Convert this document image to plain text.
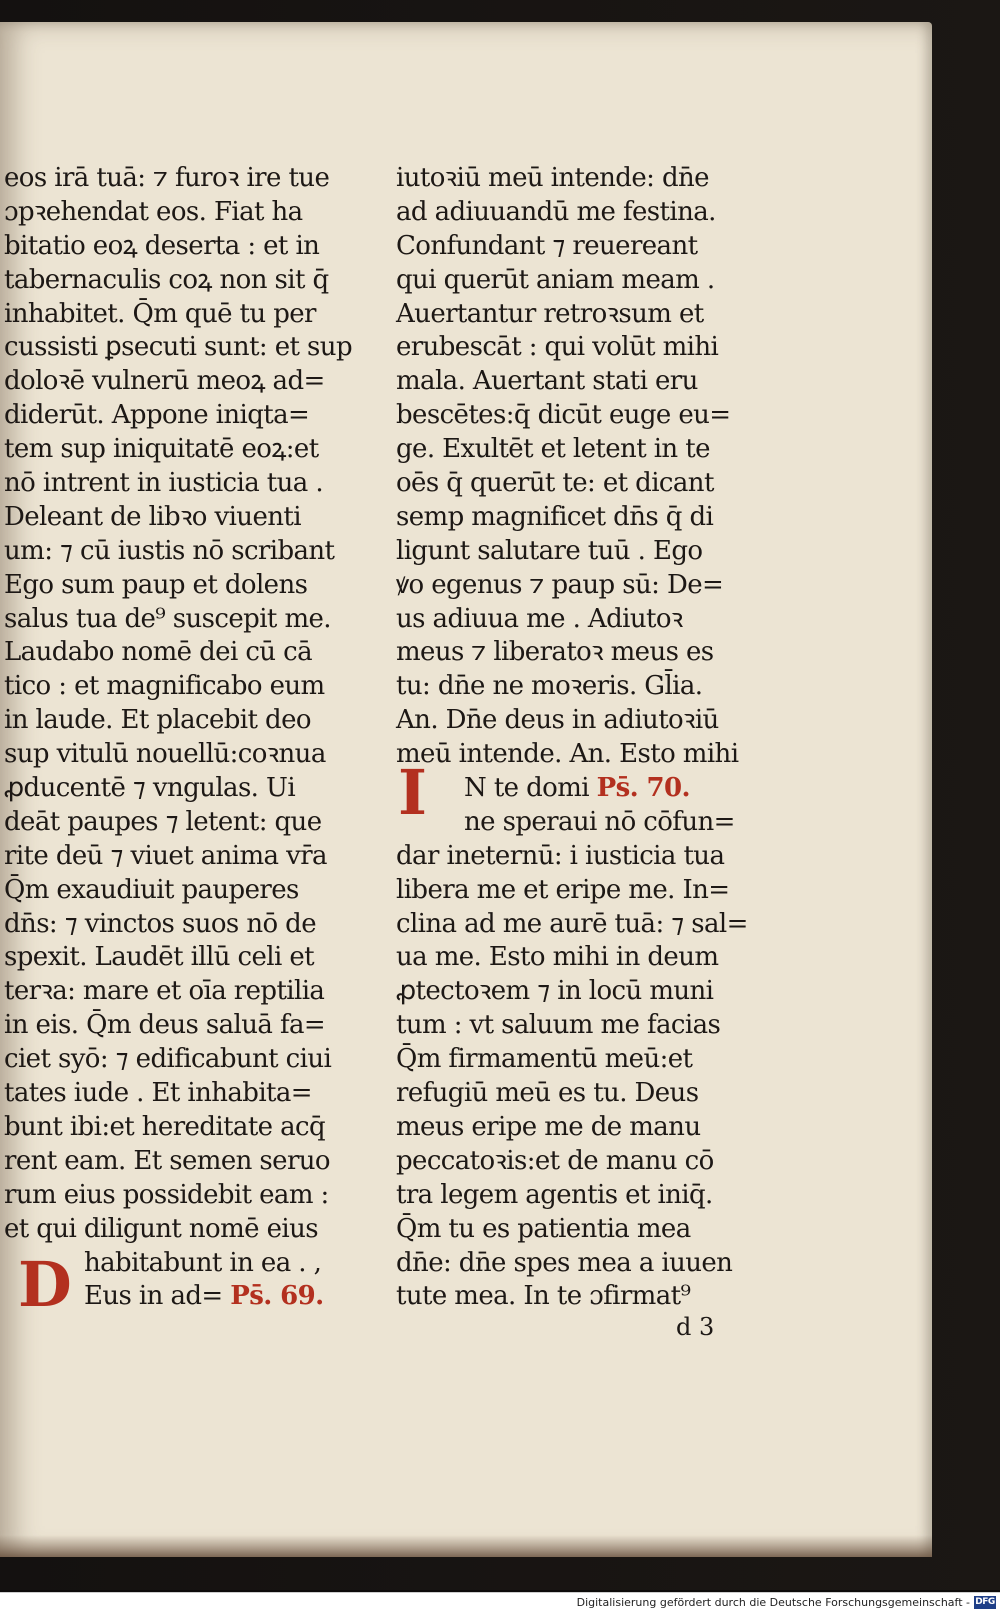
eos irā tuā: ⁊ furoꝛ ire tue
ɔpꝛehendat eos. Fiat ha
bitatio eoꝝ deserta : et in
tabernaculis coꝝ non sit q̄
inhabitet. Q̄m quē tu per
cussisti ꝑsecuti sunt: et sup
doloꝛē vulnerū meoꝝ ad=
diderūt. Appone iniqta=
tem sup iniquitatē eoꝝ:et
nō intrent in iusticia tua .
Deleant de libꝛo viuenti
um: ⁊ cū iustis nō scribant
Ego sum paup et dolens
salus tua de⁹ suscepit me.
Laudabo nomē dei cū cā
tico : et magnificabo eum
in laude. Et placebit deo
sup vitulū nouellū:coꝛnua
ꝓducentē ⁊ vngulas. Ui
deāt paupes ⁊ letent: que
rite deū ⁊ viuet anima vr̄a
Q̄m exaudiuit pauperes
dn̄s: ⁊ vinctos suos nō de
spexit. Laudēt illū celi et
terꝛa: mare et oīa reptilia
in eis. Q̄m deus saluā fa=
ciet syō: ⁊ edificabunt ciui
tates iude . Et inhabita=
bunt ibi:et hereditate acq̄
rent eam. Et semen seruo
rum eius possidebit eam :
et qui diligunt nomē eius
habitabunt in ea . ,
Eus in ad= Ps̄. 69.
iutoꝛiū meū intende: dn̄e
ad adiuuandū me festina.
Confundant ⁊ reuereant
qui querūt aniam meam .
Auertantur retroꝛsum et
erubescāt : qui volūt mihi
mala. Auertant stati eru
bescētes:q̄ dicūt euge eu=
ge. Exultēt et letent in te
oēs q̄ querūt te: et dicant
semp magnificet dn̄s q̄ di
ligunt salutare tuū . Ego
ꝟo egenus ⁊ paup sū: De=
us adiuua me . Adiutoꝛ
meus ⁊ liberatoꝛ meus es
tu: dn̄e ne moꝛeris. Gl̄ia.
An. Dn̄e deus in adiutoꝛiū
meū intende. An. Esto mihi
N te domi Ps̄. 70.
ne speraui nō cōfun=
dar ineternū: i iusticia tua
libera me et eripe me. In=
clina ad me aurē tuā: ⁊ sal=
ua me. Esto mihi in deum
ꝓtectoꝛem ⁊ in locū muni
tum : vt saluum me facias
Q̄m firmamentū meū:et
refugiū meū es tu. Deus
meus eripe me de manu
peccatoꝛis:et de manu cō
tra legem agentis et iniq̄.
Q̄m tu es patientia mea
dn̄e: dn̄e spes mea a iuuen
tute mea. In te ɔfirmat⁹
D
I
d 3
Digitalisierung gefördert durch die Deutsche Forschungsgemeinschaft - DFG
